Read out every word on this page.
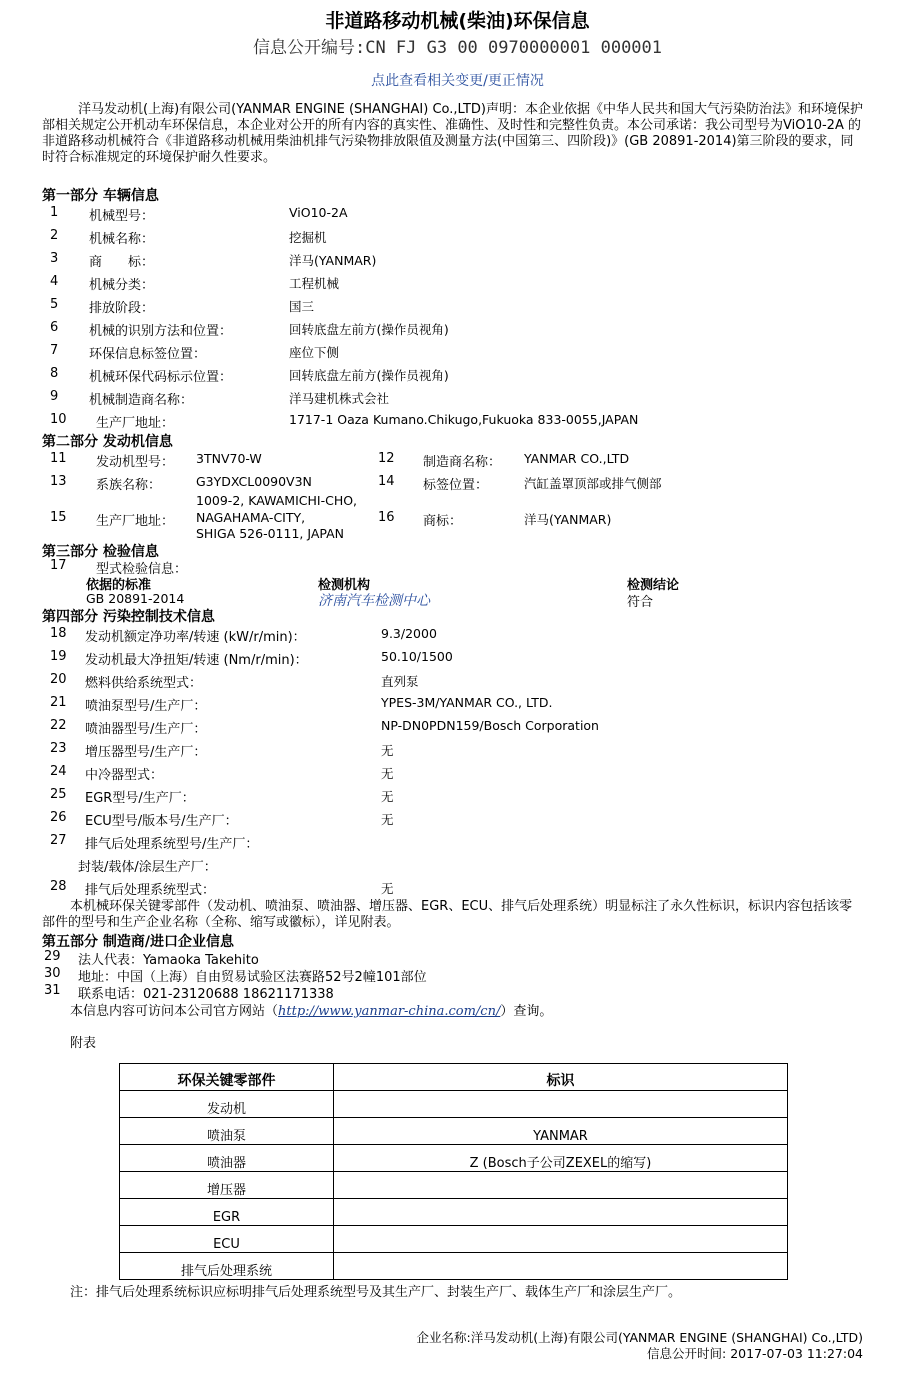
非道路移动机械(柴油)环保信息
信息公开编号:CN FJ G3 00 0970000001 000001
点此查看相关变更/更正情况
洋马发动机(上海)有限公司(YANMAR ENGINE (SHANGHAI) Co.,LTD)声明：本企业依据《中华人民共和国大气污染防治法》和环境保护部相关规定公开机动车环保信息，本企业对公开的所有内容的真实性、准确性、及时性和完整性负责。本公司承诺：我公司型号为ViO10-2A 的非道路移动机械符合《非道路移动机械用柴油机排气污染物排放限值及测量方法(中国第三、四阶段)》(GB 20891-2014)第三阶段的要求，同时符合标准规定的环境保护耐久性要求。
第一部分 车辆信息
1 机械型号：	ViO10-2A
2 机械名称：	挖掘机
3 商　　标：	洋马(YANMAR)
4 机械分类：	工程机械
5 排放阶段：	国三
6 机械的识别方法和位置：	回转底盘左前方(操作员视角)
7 环保信息标签位置：	座位下侧
8 机械环保代码标示位置：	回转底盘左前方(操作员视角)
9 机械制造商名称：	洋马建机株式会社
10 生产厂地址：	1717-1 Oaza Kumano.Chikugo,Fukuoka 833-0055,JAPAN
第二部分 发动机信息
11 发动机型号： 3TNV70-W	12 制造商名称： YANMAR CO.,LTD
13 系族名称：	G3YDXCL0090V3N	14 标签位置：	汽缸盖罩顶部或排气侧部
15 生产厂地址：
1009-2, KAWAMICHI-CHO,
NAGAHAMA-CITY,
SHIGA 526-0111, JAPAN
16 商标：	洋马(YANMAR)
第三部分 检验信息
17 型式检验信息：
依据的标准	检测机构	检测结论
GB 20891-2014	济南汽车检测中心	符合
第四部分 污染控制技术信息
18 发动机额定净功率/转速 (kW/r/min)：	9.3/2000
19 发动机最大净扭矩/转速 (Nm/r/min)：	50.10/1500
20 燃料供给系统型式：	直列泵
21 喷油泵型号/生产厂：	YPES-3M/YANMAR CO., LTD.
22 喷油器型号/生产厂：	NP-DN0PDN159/Bosch Corporation
23 增压器型号/生产厂：	无
24 中冷器型式：	无
25 EGR型号/生产厂：	无
26 ECU型号/版本号/生产厂：	无
27 排气后处理系统型号/生产厂：
封装/载体/涂层生产厂：
28 排气后处理系统型式：	无
本机械环保关键零部件（发动机、喷油泵、喷油器、增压器、EGR、ECU、排气后处理系统）明显标注了永久性标识，标识内容包括该零部件的型号和生产企业名称（全称、缩写或徽标），详见附表。
第五部分 制造商/进口企业信息
29 法人代表：Yamaoka Takehito
30 地址：中国（上海）自由贸易试验区法赛路52号2幢101部位
31 联系电话：021-23120688 18621171338
本信息内容可访问本公司官方网站（http://www.yanmar-china.com/cn/）查询。
附表
环保关键零部件	标识
发动机	
喷油泵	YANMAR
喷油器	Z (Bosch子公司ZEXEL的缩写)
增压器	
EGR	
ECU	
排气后处理系统	
注：排气后处理系统标识应标明排气后处理系统型号及其生产厂、封装生产厂、载体生产厂和涂层生产厂。
企业名称:洋马发动机(上海)有限公司(YANMAR ENGINE (SHANGHAI) Co.,LTD)
信息公开时间: 2017-07-03 11:27:04
